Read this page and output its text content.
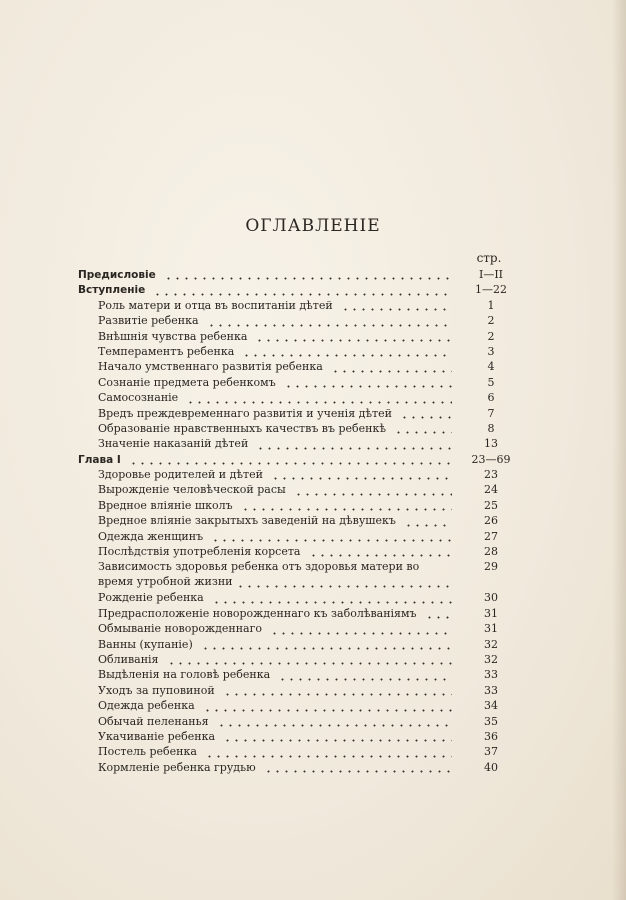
ОГЛАВЛЕНІЕ
стр.
Предисловіе	I—II
Вступленіе	1—22
Роль матери и отца въ воспитаніи дѣтей	1
Развитіе ребенка	2
Внѣшнія чувства ребенка	2
Темпераментъ ребенка	3
Начало умственнаго развитія ребенка	4
Сознаніе предмета ребенкомъ	5
Самосознаніе	6
Вредъ преждевременнаго развитія и ученія дѣтей	7
Образованіе нравственныхъ качествъ въ ребенкѣ	8
Значеніе наказаній дѣтей	13
Глава I	23—69
Здоровье родителей и дѣтей	23
Вырожденіе человѣческой расы	24
Вредное вліяніе школъ	25
Вредное вліяніе закрытыхъ заведеній на дѣвушекъ	26
Одежда женщинъ	27
Послѣдствія употребленія корсета	28
Зависимость здоровья ребенка отъ здоровья матери во время утробной жизни
29
Рожденіе ребенка	30
Предрасположеніе новорожденнаго къ заболѣваніямъ	31
Обмываніе новорожденнаго	31
Ванны (купаніе)	32
Обливанія	32
Выдѣленія на головѣ ребенка	33
Уходъ за пуповиной	33
Одежда ребенка	34
Обычай пеленанья	35
Укачиваніе ребенка	36
Постель ребенка	37
Кормленіе ребенка грудью	40
